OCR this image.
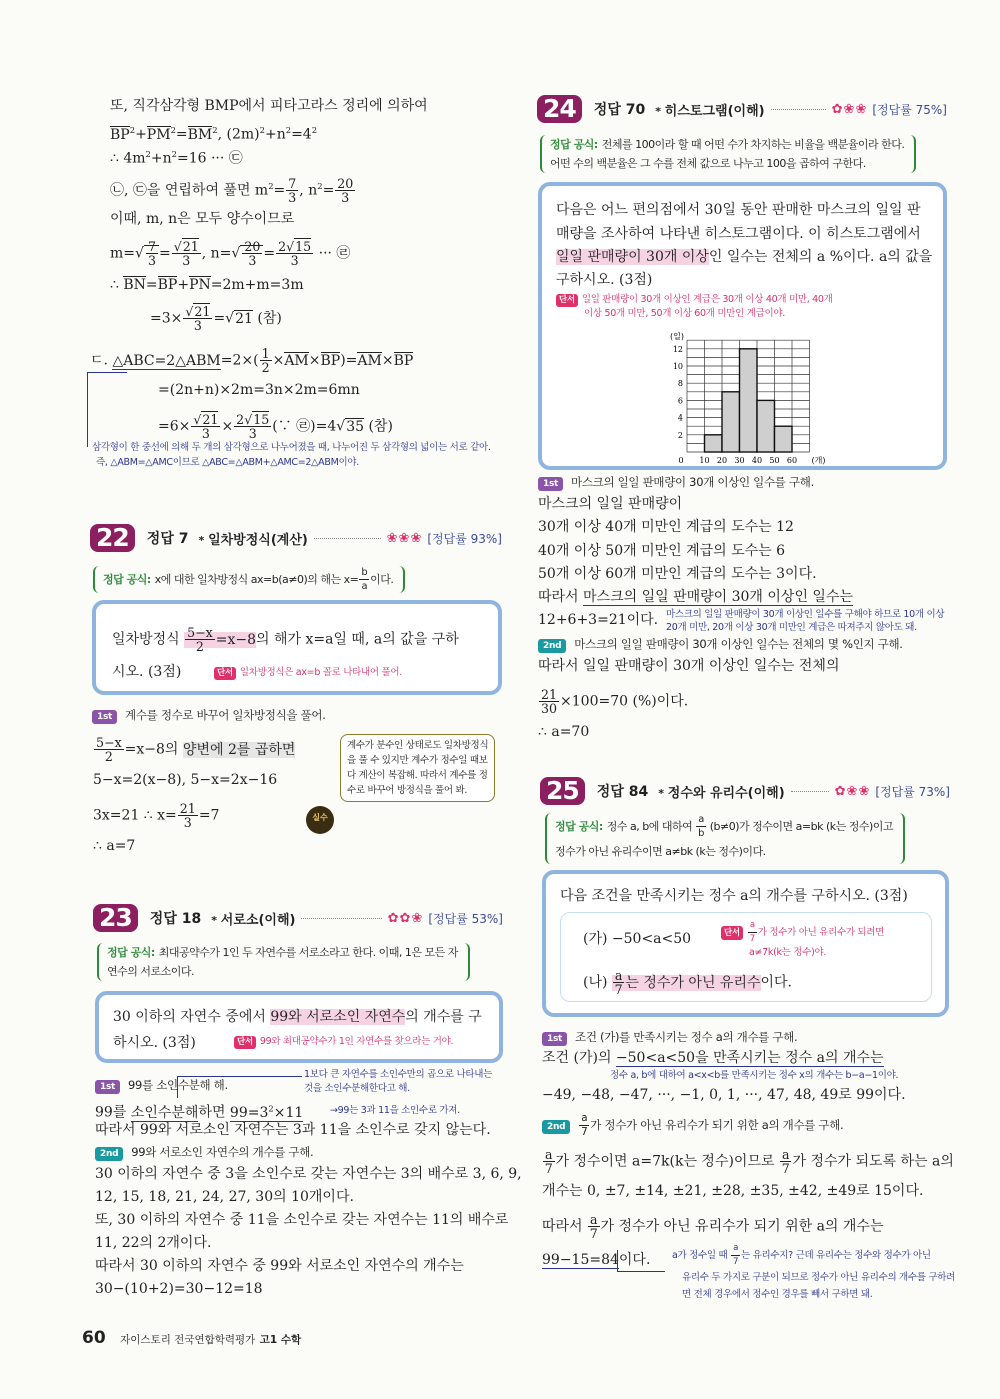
또, 직각삼각형 BMP에서 피타고라스 정리에 의하여
$BP^2+PM^2=BM^2$, $(2m)^2+n^2=4^2$
∴ $4m^2+n^2=16$ ··· ㉢
㉡, ㉢을 연립하여 풀면 $m^2= \frac{7}{3}$ , $n^2= \frac{20}{3}$
이때, m, n은 모두 양수이므로
$m=√ \frac{7}{3} = \frac{√21}{3}$ , $n=√ \frac{20}{3} = \frac{2√15}{3}$ ··· ㉣
∴ BN=BP+PN=2m+m=3m
$=3\times \frac{√21}{3} =√21$ (참)
ㄷ. △ABC=2△ABM=2×( $\frac{1}{2} \times AM\times BP)=AM\times BP$
=(2n+n)×2m=3n×2m=6mn
$=6\times \frac{√21}{3} \times \frac{2√15}{3}$ (∵ ㉣)=4√35 (참)
삼각형이 한 중선에 의해 두 개의 삼각형으로 나누어졌을 때, 나누어진 두 삼각형의 넓이는 서로 같아.
즉, △ABM=△AMC이므로 △ABC=△ABM+△AMC=2△ABM이야.
22	정답 7	* 일차방정식(계산)	❀❀❀ [정답률 93%]
정답 공식: x에 대한 일차방정식 ax=b(a≠0)의 해는 $x= \frac{b}{a}$ 이다.
일차방정식 $\frac{5-x}{2} =x-8$의 해가 x=a일 때, a의 값을 구하
시오. (3점)	단서 일차방정식은 ax=b 꼴로 나타내어 풀어.
1st 계수를 정수로 바꾸어 일차방정식을 풀어.
$\frac{5-x}{2} =x-8$의 양변에 2를 곱하면
5−x=2(x−8), 5−x=2x−16
3x=21 ∴ $x= \frac{21}{3} =7$
∴ a=7
실수
계수가 분수인 상태로도 일차방정식
을 풀 수 있지만 계수가 정수일 때보
다 계산이 복잡해. 따라서 계수를 정
수로 바꾸어 방정식을 풀어 봐.
23	정답 18	* 서로소(이해)	✿✿❀ [정답률 53%]
정답 공식: 최대공약수가 1인 두 자연수를 서로소라고 한다. 이때, 1은 모든 자
연수의 서로소이다.
30 이하의 자연수 중에서 99와 서로소인 자연수의 개수를 구
하시오. (3점)	단서 99와 최대공약수가 1인 자연수를 찾으라는 거야.
1st 99를 소인수분해 해.
1보다 큰 자연수를 소인수만의 곱으로 나타내는
것을 소인수분해한다고 해.
99를 소인수분해하면 $99=3^2\times 11$	→99는 3과 11을 소인수로 가져.
따라서 99와 서로소인 자연수는 3과 11을 소인수로 갖지 않는다.
2nd 99와 서로소인 자연수의 개수를 구해.
30 이하의 자연수 중 3을 소인수로 갖는 자연수는 3의 배수로 3, 6, 9,
12, 15, 18, 21, 24, 27, 30의 10개이다.
또, 30 이하의 자연수 중 11을 소인수로 갖는 자연수는 11의 배수로
11, 22의 2개이다.
따라서 30 이하의 자연수 중 99와 서로소인 자연수의 개수는
30−(10+2)=30−12=18
24	정답 70	* 히스토그램(이해)	✿❀❀ [정답률 75%]
정답 공식: 전체를 100이라 할 때 어떤 수가 차지하는 비율을 백분율이라 한다.
어떤 수의 백분율은 그 수를 전체 값으로 나누고 100을 곱하여 구한다.
다음은 어느 편의점에서 30일 동안 판매한 마스크의 일일 판
매량을 조사하여 나타낸 히스토그램이다. 이 히스토그램에서
일일 판매량이 30개 이상인 일수는 전체의 a %이다. a의 값을
구하시오. (3점)
단서 일일 판매량이 30개 이상인 계급은 30개 이상 40개 미만, 40개
이상 50개 미만, 50개 이상 60개 미만인 계급이야.
2
4
6
8
10
12
0 10 20 30 40 50 60
(일)
(개)
1st 마스크의 일일 판매량이 30개 이상인 일수를 구해.
마스크의 일일 판매량이
30개 이상 40개 미만인 계급의 도수는 12
40개 이상 50개 미만인 계급의 도수는 6
50개 이상 60개 미만인 계급의 도수는 3이다.
따라서 마스크의 일일 판매량이 30개 이상인 일수는
12+6+3=21이다. 마스크의 일일 판매량이 30개 이상인 일수를 구해야 하므로 10개 이상
20개 미만, 20개 이상 30개 미만인 계급은 따져주지 않아도 돼.
2nd 마스크의 일일 판매량이 30개 이상인 일수는 전체의 몇 %인지 구해.
따라서 일일 판매량이 30개 이상인 일수는 전체의
$\frac{21}{30} \times 100=70$ (%)이다.
∴ a=70
25	정답 84	* 정수와 유리수(이해)	✿❀❀ [정답률 73%]
정답 공식: 정수 a, b에 대하여 $\frac{a}{b} (b\ne 0)$가 정수이면 a=bk (k는 정수)이고
정수가 아닌 유리수이면 a≠bk (k는 정수)이다.
다음 조건을 만족시키는 정수 a의 개수를 구하시오. (3점)
(가) −50<a<50
(나) $\frac{a}{7}$ 는 정수가 아닌 유리수이다.
단서 $\frac{a}{7}$ 가 정수가 아닌 유리수가 되려면
a≠7k(k는 정수)야.
1st 조건 (가)를 만족시키는 정수 a의 개수를 구해.
조건 (가)의 −50<a<50을 만족시키는 정수 a의 개수는
정수 a, b에 대하여 a<x<b를 만족시키는 정수 x의 개수는 b−a−1이야.
−49, −48, −47, ···, −1, 0, 1, ···, 47, 48, 49로 99이다.
$2nd \frac{a}{7}$ 가 정수가 아닌 유리수가 되기 위한 a의 개수를 구해.
$\frac{a}{7}$ 가 정수이면 a=7k(k는 정수)이므로 $\frac{a}{7}$ 가 정수가 되도록 하는 a의
개수는 0, ±7, ±14, ±21, ±28, ±35, ±42, ±49로 15이다.
따라서 $\frac{a}{7}$ 가 정수가 아닌 유리수가 되기 위한 a의 개수는
99−15=84이다. a가 정수일 때 $\frac{a}{7}$ 는 유리수지? 근데 유리수는 정수와 정수가 아닌
유리수 두 가지로 구분이 되므로 정수가 아닌 유리수의 개수를 구하려
면 전체 경우에서 정수인 경우를 빼서 구하면 돼.
60 자이스토리 전국연합학력평가 고1 수학
